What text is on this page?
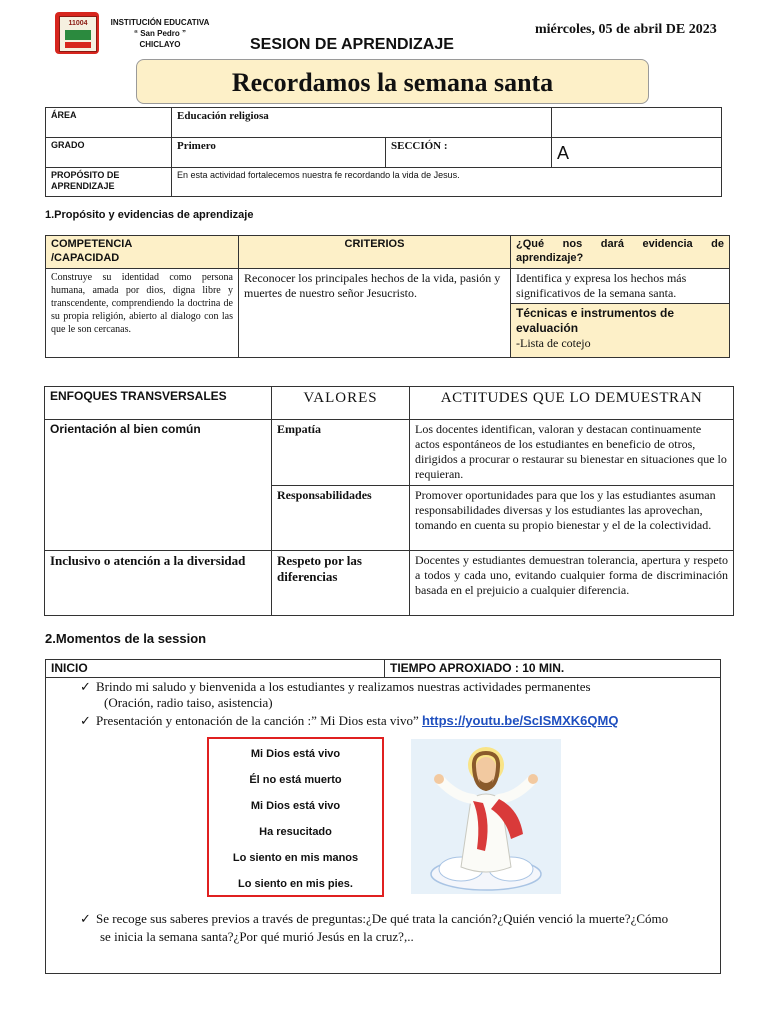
11004	INSTITUCIÓN EDUCATIVA
“ San Pedro ”
CHICLAYO
miércoles, 05 de abril DE 2023
SESION DE APRENDIZAJE
Recordamos la semana santa
ÁREA	Educación religiosa		
GRADO	Primero	SECCIÓN :	A

PROPÓSITO DE
APRENDIZAJE	En esta actividad fortalecemos nuestra fe recordando la vida de Jesus.		
1.Propósito y evidencias de aprendizaje
COMPETENCIA
/CAPACIDAD	CRITERIOS	¿Qué nos dará evidencia de aprendizaje?
Construye su identidad como persona humana, amada por dios, digna libre y transcendente, comprendiendo la doctrina de su propia religión, abierto al dialogo con las que le son cercanas.	Reconocer los principales hechos de la vida, pasión y muertes de nuestro señor Jesucristo.	Identifica y expresa los hechos más significativos de la semana santa.

		Técnicas e instrumentos de evaluación
-Lista de cotejo
ENFOQUES TRANSVERSALES	VALORES	ACTITUDES QUE LO DEMUESTRAN
Orientación al bien común	Empatía	Los docentes identifican, valoran y destacan continuamente actos espontáneos de los estudiantes en beneficio de otros, dirigidos a procurar o restaurar su bienestar en situaciones que lo requieran.
	Responsabilidades	Promover oportunidades para que los y las estudiantes asuman responsabilidades diversas y los estudiantes las aprovechan, tomando en cuenta su propio bienestar y el de la colectividad.
Inclusivo o atención a la diversidad	Respeto por las diferencias	Docentes y estudiantes demuestran tolerancia, apertura y respeto a todos y cada uno, evitando cualquier forma de discriminación basada en el prejuicio a cualquier diferencia.
2.Momentos de la session
INICIO	TIEMPO APROXIADO : 10 MIN.

✓ Brindo mi saludo y bienvenida a los estudiantes y realizamos nuestras actividades permanentes
(Oración, radio taiso, asistencia)
✓ Presentación y entonación de la canción :” Mi Dios esta vivo” https://youtu.be/ScISMXK6QMQ
Mi Dios está vivo
Él no está muerto
Mi Dios está vivo
Ha resucitado
Lo siento en mis manos
Lo siento en mis pies.
✓ Se recoge sus saberes previos a través de preguntas:¿De qué trata la canción?¿Quién venció la muerte?¿Cómo
se inicia la semana santa?¿Por qué murió Jesús en la cruz?,..
